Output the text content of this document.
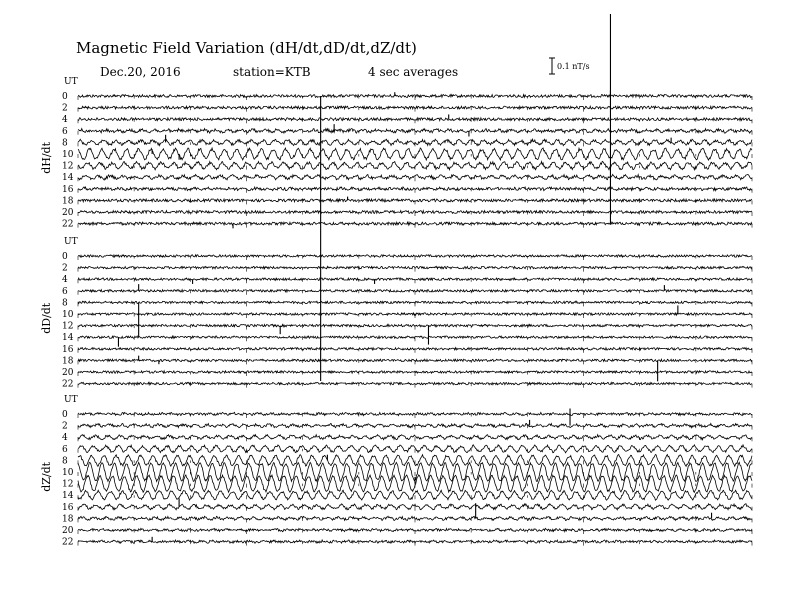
Magnetic Field Variation (dH/dt,dD/dt,dZ/dt)
Dec.20, 2016	station=KTB	4 sec averages	0.1 nT/s
UT
dH/dt
0
2
4
6
8
10
12
14
16
18
20
22
UT
dD/dt
0
2
4
6
8
10
12
14
16
18
20
22
UT
dZ/dt
0
2
4
6
8
10
12
14
16
18
20
22
